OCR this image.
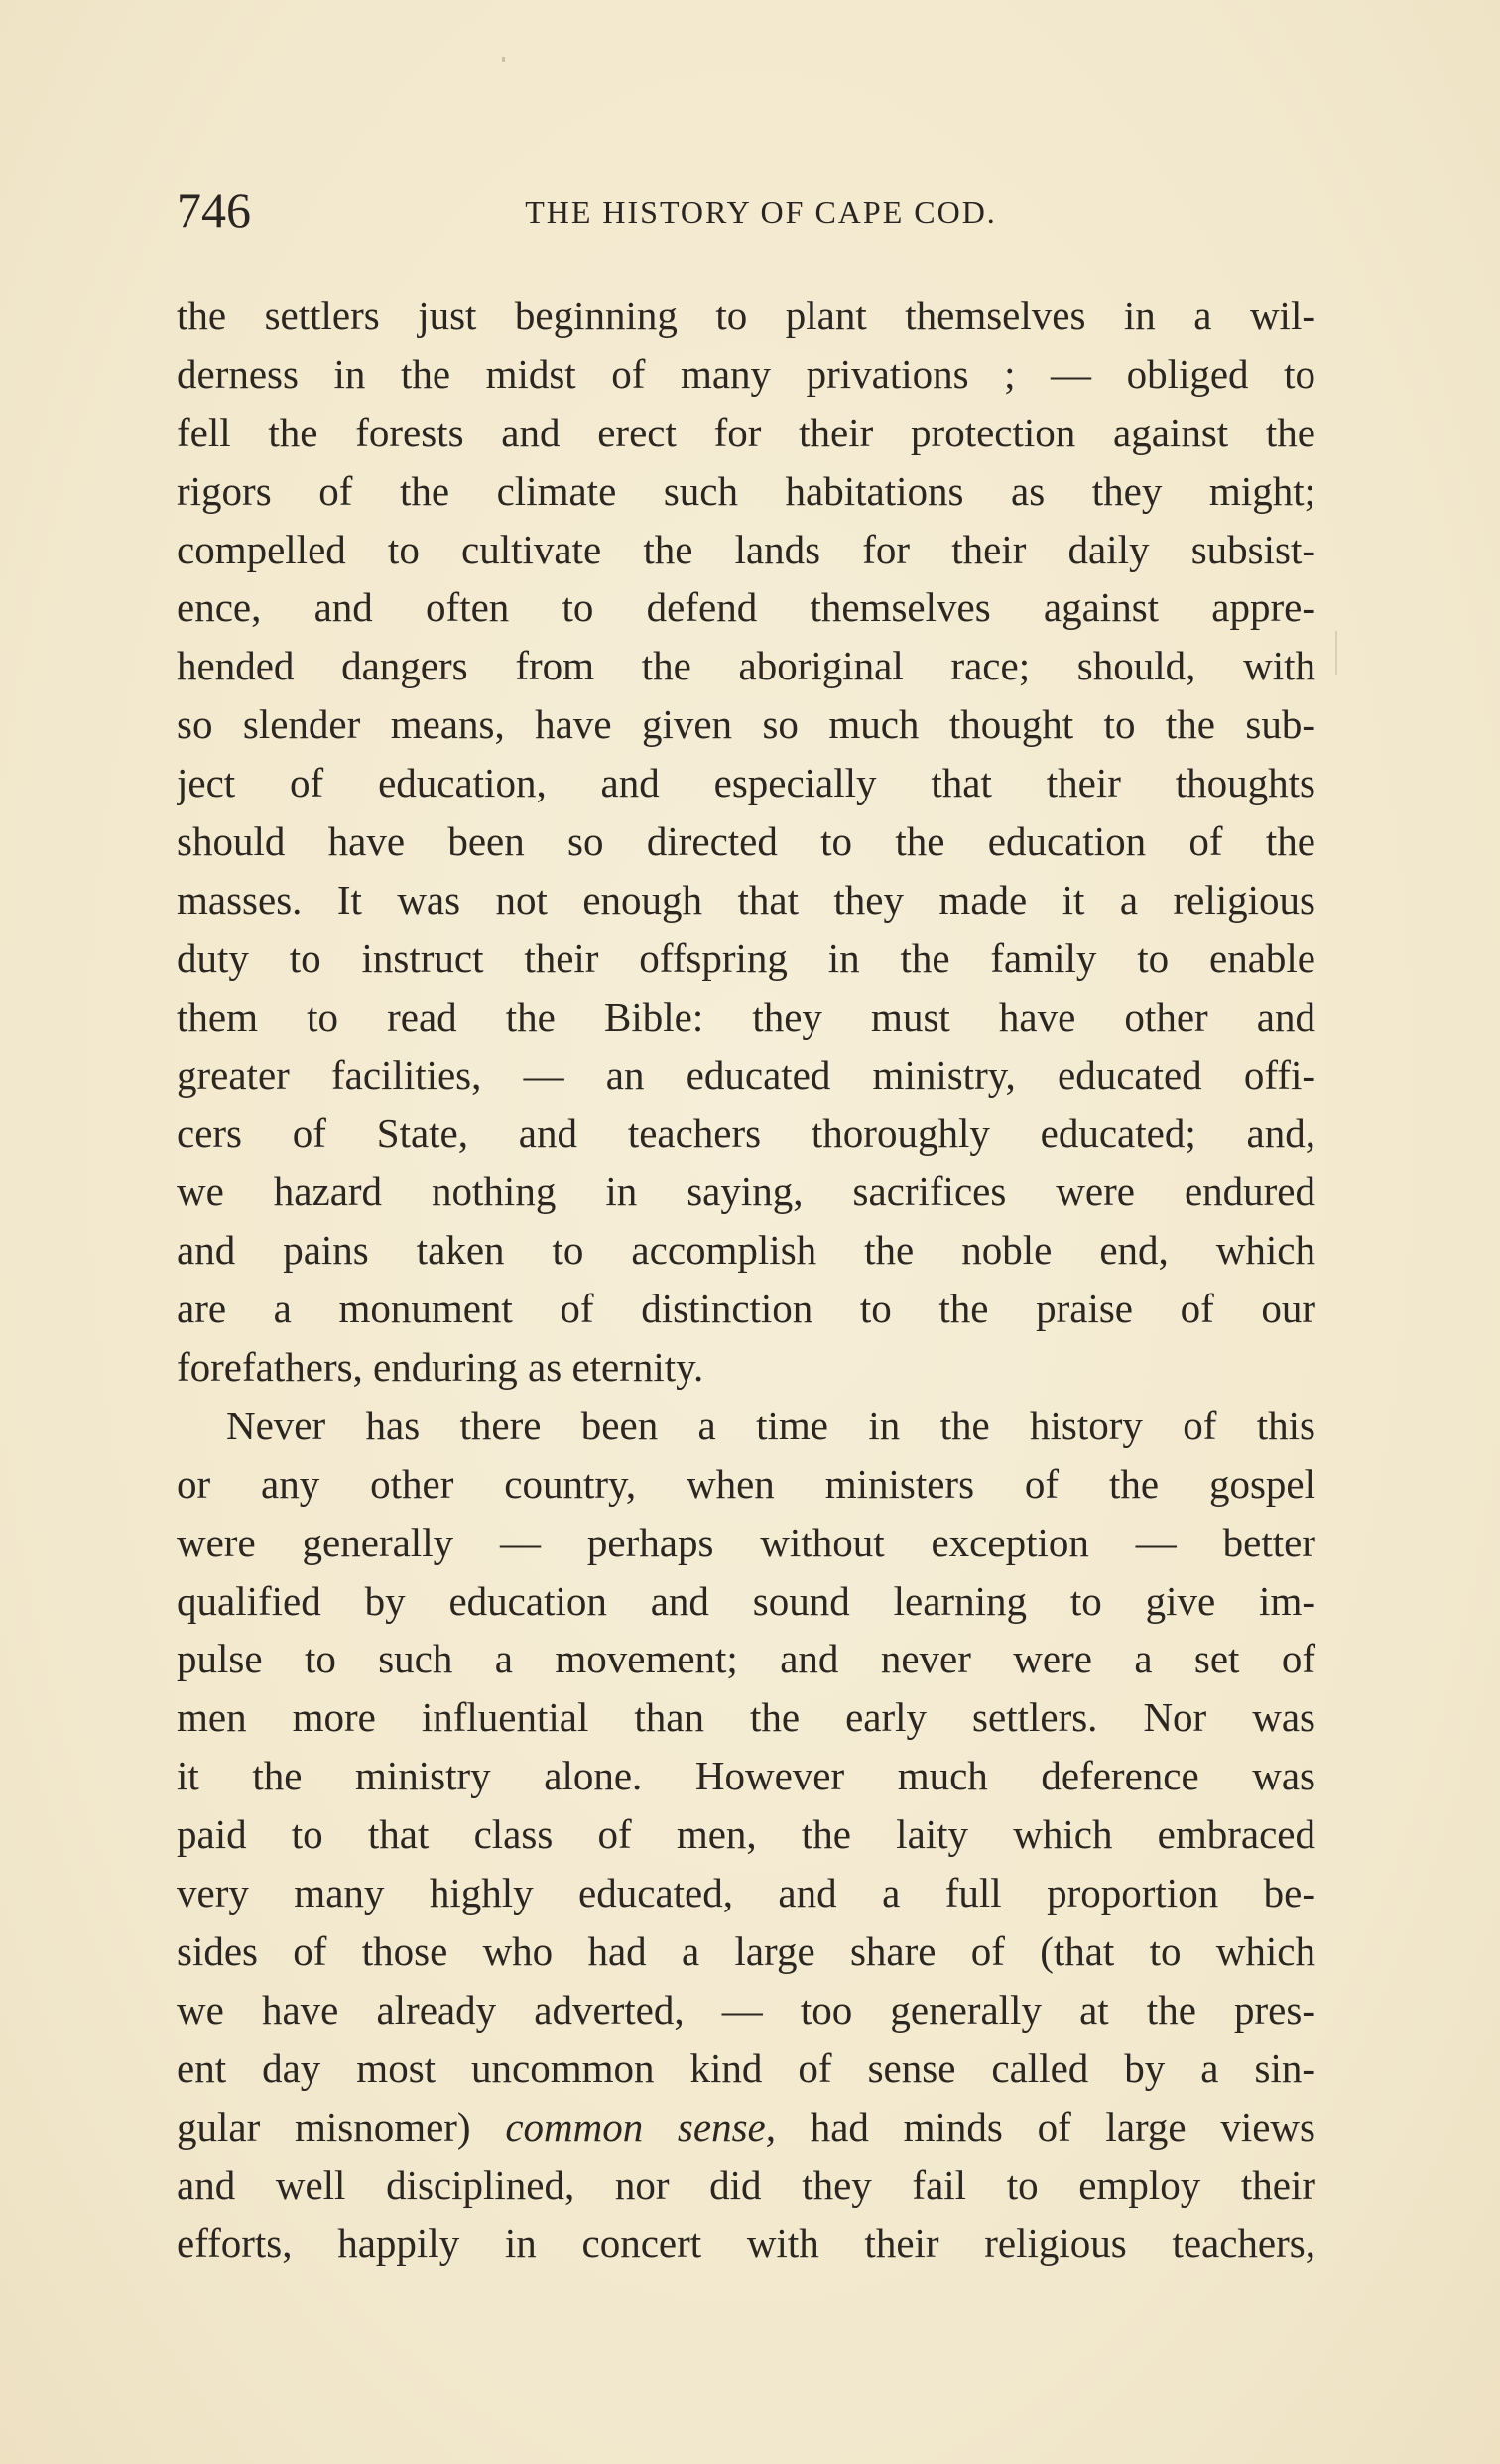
746	THE HISTORY OF CAPE COD.
the settlers just beginning to plant themselves in a wil-
derness in the midst of many privations ; — obliged to
fell the forests and erect for their protection against the
rigors of the climate such habitations as they might;
compelled to cultivate the lands for their daily subsist-
ence, and often to defend themselves against appre-
hended dangers from the aboriginal race; should, with
so slender means, have given so much thought to the sub-
ject of education, and especially that their thoughts
should have been so directed to the education of the
masses. It was not enough that they made it a religious
duty to instruct their offspring in the family to enable
them to read the Bible: they must have other and
greater facilities, — an educated ministry, educated offi-
cers of State, and teachers thoroughly educated; and,
we hazard nothing in saying, sacrifices were endured
and pains taken to accomplish the noble end, which
are a monument of distinction to the praise of our
forefathers, enduring as eternity.
Never has there been a time in the history of this
or any other country, when ministers of the gospel
were generally — perhaps without exception — better
qualified by education and sound learning to give im-
pulse to such a movement; and never were a set of
men more influential than the early settlers. Nor was
it the ministry alone. However much deference was
paid to that class of men, the laity which embraced
very many highly educated, and a full proportion be-
sides of those who had a large share of (that to which
we have already adverted, — too generally at the pres-
ent day most uncommon kind of sense called by a sin-
gular misnomer) common sense, had minds of large views
and well disciplined, nor did they fail to employ their
efforts, happily in concert with their religious teachers,
